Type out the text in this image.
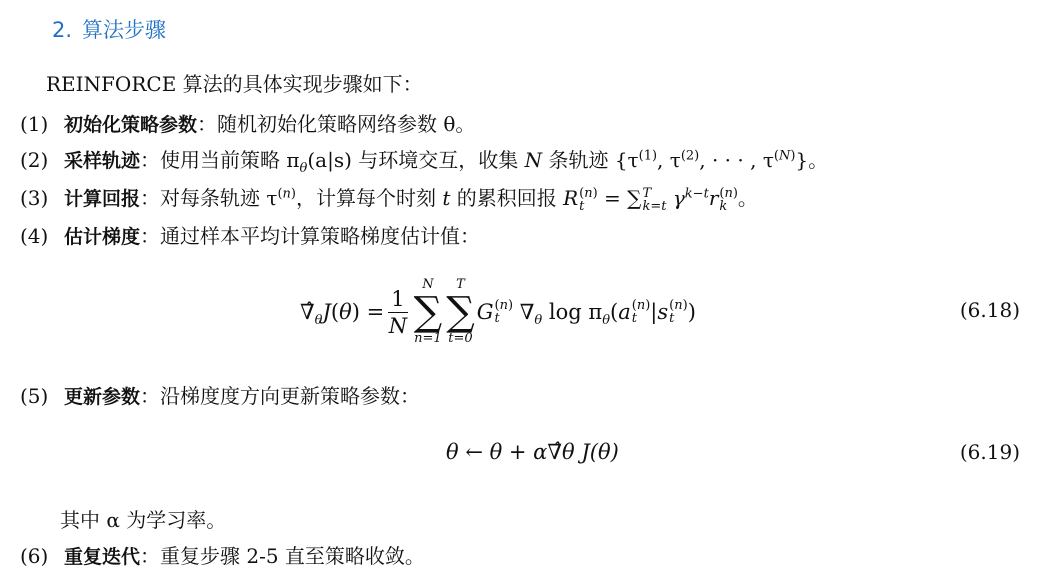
2. 算法步骤
REINFORCE 算法的具体实现步骤如下：
(1) 初始化策略参数：随机初始化策略网络参数 θ。
(2) 采样轨迹：使用当前策略 $\pi_\theta(a|s)$ 与环境交互，收集 N 条轨迹 {$\tau^{(1)}$, $\tau^{(2)}$, · · · , $\tau^{(N)}$}。
(3) 计算回报：对每条轨迹 $\tau^{(n)}$，计算每个时刻 t 的累积回报 R (n)
t = ∑ T
k=t $\gamma^{k-t}r$ (n)
k 。
(4) 估计梯度：通过样本平均计算策略梯度估计值：
$\nablâ_\theta J(\theta) = \frac{1}{N}$
N
∑
n=1
T
∑
t=0
G (n)
t $\nabla_\theta$ $\log \pi_\theta(a$ (n)
t |s (n)
t )	(6.18)
(5) 更新参数：沿梯度度方向更新策略参数：
θ ← θ + α∇̂θ J(θ)	(6.19)
其中 α 为学习率。
(6) 重复迭代：重复步骤 2-5 直至策略收敛。
